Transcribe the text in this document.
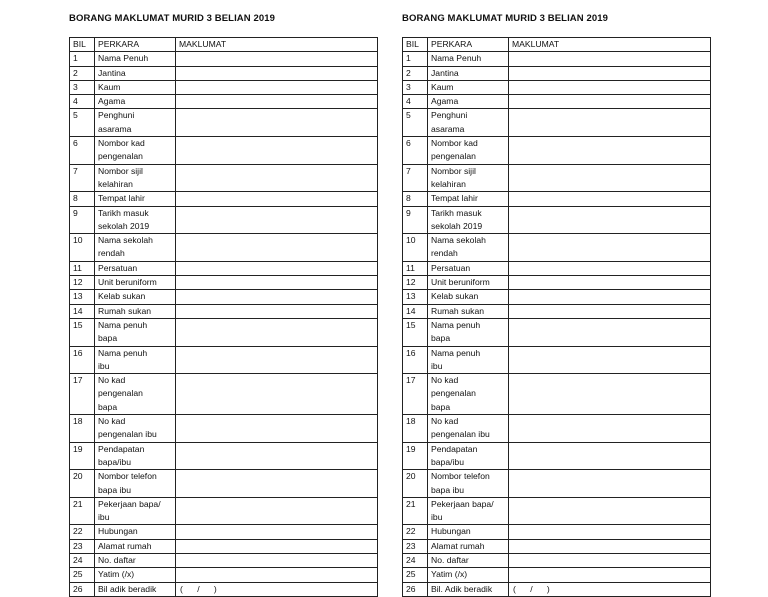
BORANG MAKLUMAT MURID 3 BELIAN 2019
BIL	PERKARA	MAKLUMAT
1	Nama Penuh	

2	Jantina	

3	Kaum	

4	Agama	

5	Penghuni
asarama	

6	Nombor kad
pengenalan	

7	Nombor sijil
kelahiran	

8	Tempat lahir	

9	Tarikh masuk
sekolah 2019	

10	Nama sekolah
rendah	

11	Persatuan	

12	Unit beruniform	

13	Kelab sukan	

14	Rumah sukan	

15	Nama penuh
bapa	

16	Nama penuh
ibu	

17	No kad
pengenalan
bapa	

18	No kad
pengenalan ibu	

19	Pendapatan
bapa/ibu	

20	Nombor telefon
bapa ibu	

21	Pekerjaan bapa/
ibu	

22	Hubungan	

23	Alamat rumah	

24	No. daftar	

25	Yatim (/x)	

26	Bil adik beradik	(      /      )
BORANG MAKLUMAT MURID 3 BELIAN 2019
BIL	PERKARA	MAKLUMAT
1	Nama Penuh	

2	Jantina	

3	Kaum	

4	Agama	

5	Penghuni
asarama	

6	Nombor kad
pengenalan	

7	Nombor sijil
kelahiran	

8	Tempat lahir	

9	Tarikh masuk
sekolah 2019	

10	Nama sekolah
rendah	

11	Persatuan	

12	Unit beruniform	

13	Kelab sukan	

14	Rumah sukan	

15	Nama penuh
bapa	

16	Nama penuh
ibu	

17	No kad
pengenalan
bapa	

18	No kad
pengenalan ibu	

19	Pendapatan
bapa/ibu	

20	Nombor telefon
bapa ibu	

21	Pekerjaan bapa/
ibu	

22	Hubungan	

23	Alamat rumah	

24	No. daftar	

25	Yatim (/x)	

26	Bil. Adik beradik	(      /      )
